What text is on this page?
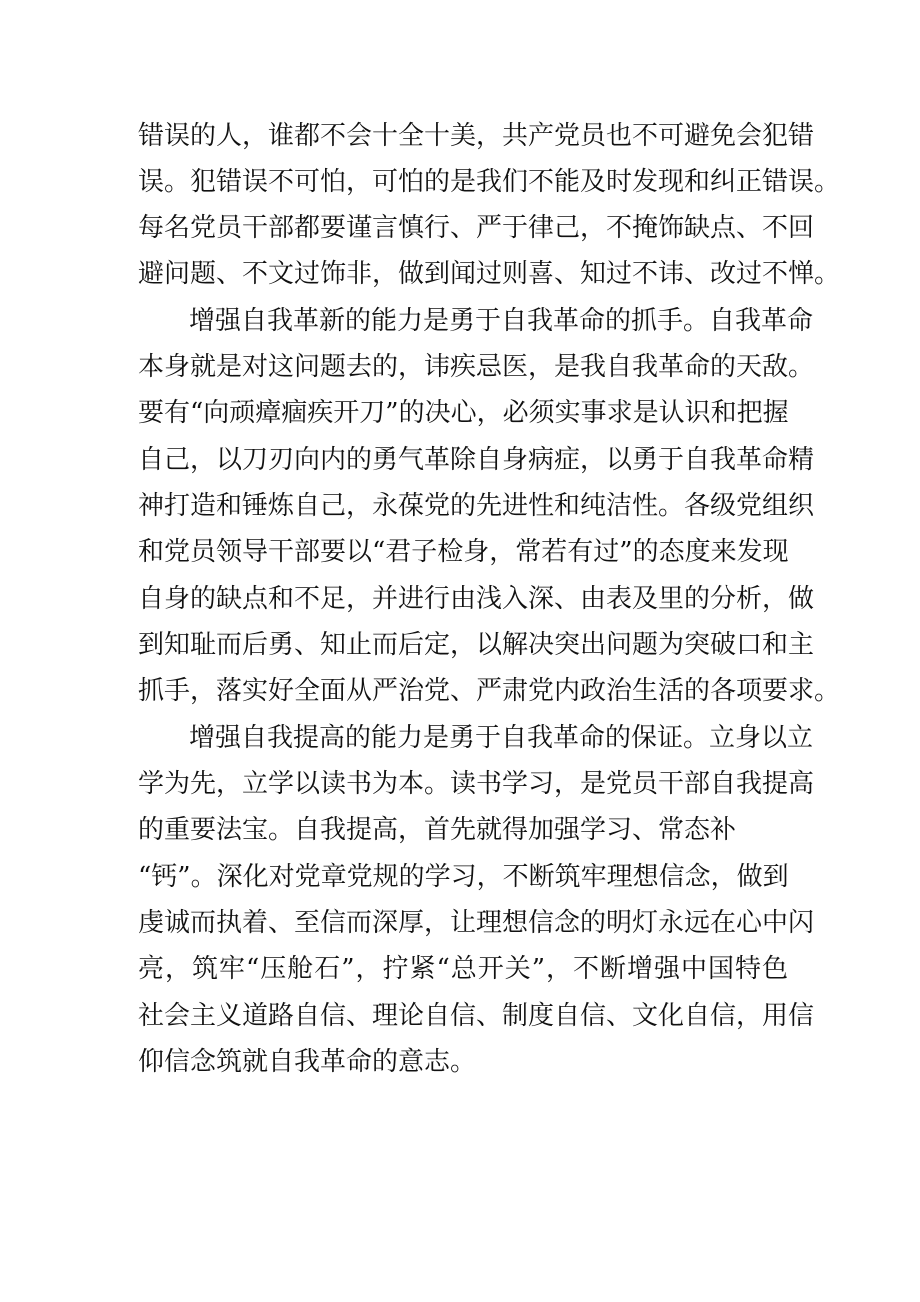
错误的人，谁都不会十全十美，共产党员也不可避免会犯错
误。犯错误不可怕，可怕的是我们不能及时发现和纠正错误。
每名党员干部都要谨言慎行、严于律己，不掩饰缺点、不回
避问题、不文过饰非，做到闻过则喜、知过不讳、改过不惮。
增强自我革新的能力是勇于自我革命的抓手。自我革命
本身就是对这问题去的，讳疾忌医，是我自我革命的天敌。
要有“向顽瘴痼疾开刀”的决心，必须实事求是认识和把握
自己，以刀刃向内的勇气革除自身病症，以勇于自我革命精
神打造和锤炼自己，永葆党的先进性和纯洁性。各级党组织
和党员领导干部要以“君子检身，常若有过”的态度来发现
自身的缺点和不足，并进行由浅入深、由表及里的分析，做
到知耻而后勇、知止而后定，以解决突出问题为突破口和主
抓手，落实好全面从严治党、严肃党内政治生活的各项要求。
增强自我提高的能力是勇于自我革命的保证。立身以立
学为先，立学以读书为本。读书学习，是党员干部自我提高
的重要法宝。自我提高，首先就得加强学习、常态补
“钙”。深化对党章党规的学习，不断筑牢理想信念，做到
虔诚而执着、至信而深厚，让理想信念的明灯永远在心中闪
亮，筑牢“压舱石”，拧紧“总开关”，不断增强中国特色
社会主义道路自信、理论自信、制度自信、文化自信，用信
仰信念筑就自我革命的意志。
